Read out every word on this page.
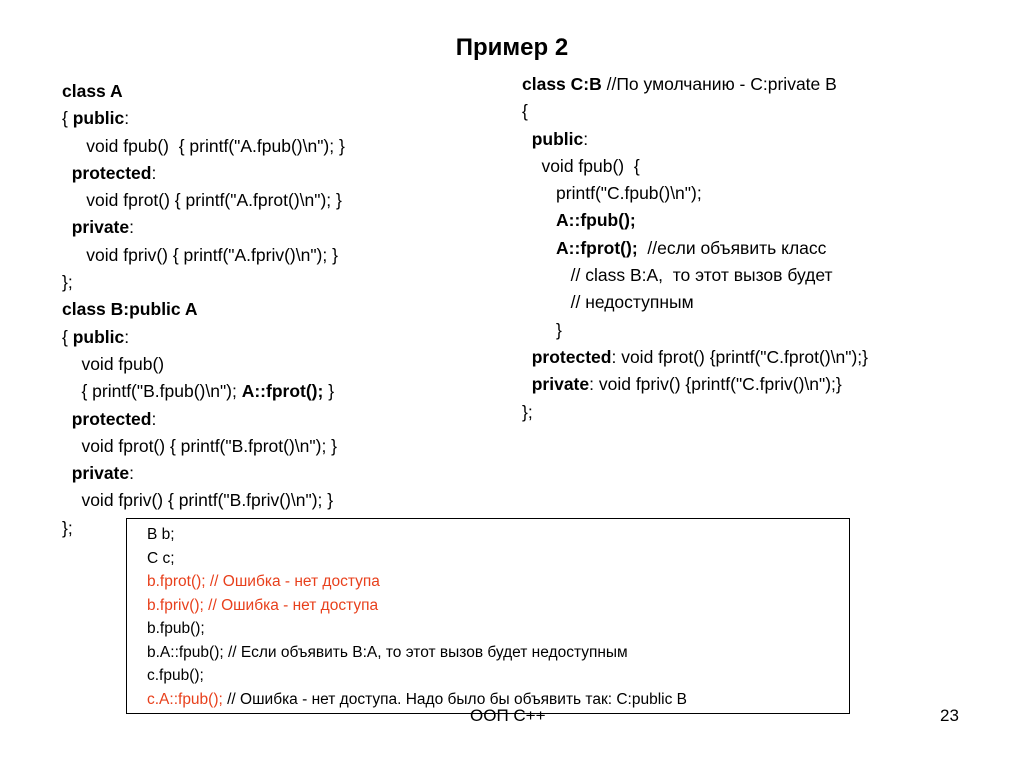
Пример 2
class A
{ public:
void fpub()  { printf("A.fpub()\n"); }
protected:
void fprot() { printf("A.fprot()\n"); }
private:
void fpriv() { printf("A.fpriv()\n"); }
};
class B:public A
{ public:
void fpub()
{ printf("B.fpub()\n"); A::fprot(); }
protected:
void fprot() { printf("B.fprot()\n"); }
private:
void fpriv() { printf("B.fpriv()\n"); }
};
class C:B //По умолчанию - C:private B
{
public:
void fpub()  {
printf("C.fpub()\n");
A::fpub();
A::fprot();  //если объявить класс
// class B:A,  то этот вызов будет
// недоступным
}
protected: void fprot() {printf("C.fprot()\n");}
private: void fpriv() {printf("C.fpriv()\n");}
};
B b;
C c;
b.fprot(); // Ошибка - нет доступа
b.fpriv(); // Ошибка - нет доступа
b.fpub();
b.A::fpub(); // Если объявить B:A, то этот вызов будет недоступным
c.fpub();
c.A::fpub(); // Ошибка - нет доступа. Надо было бы объявить так: C:public B
ООП C++	23
